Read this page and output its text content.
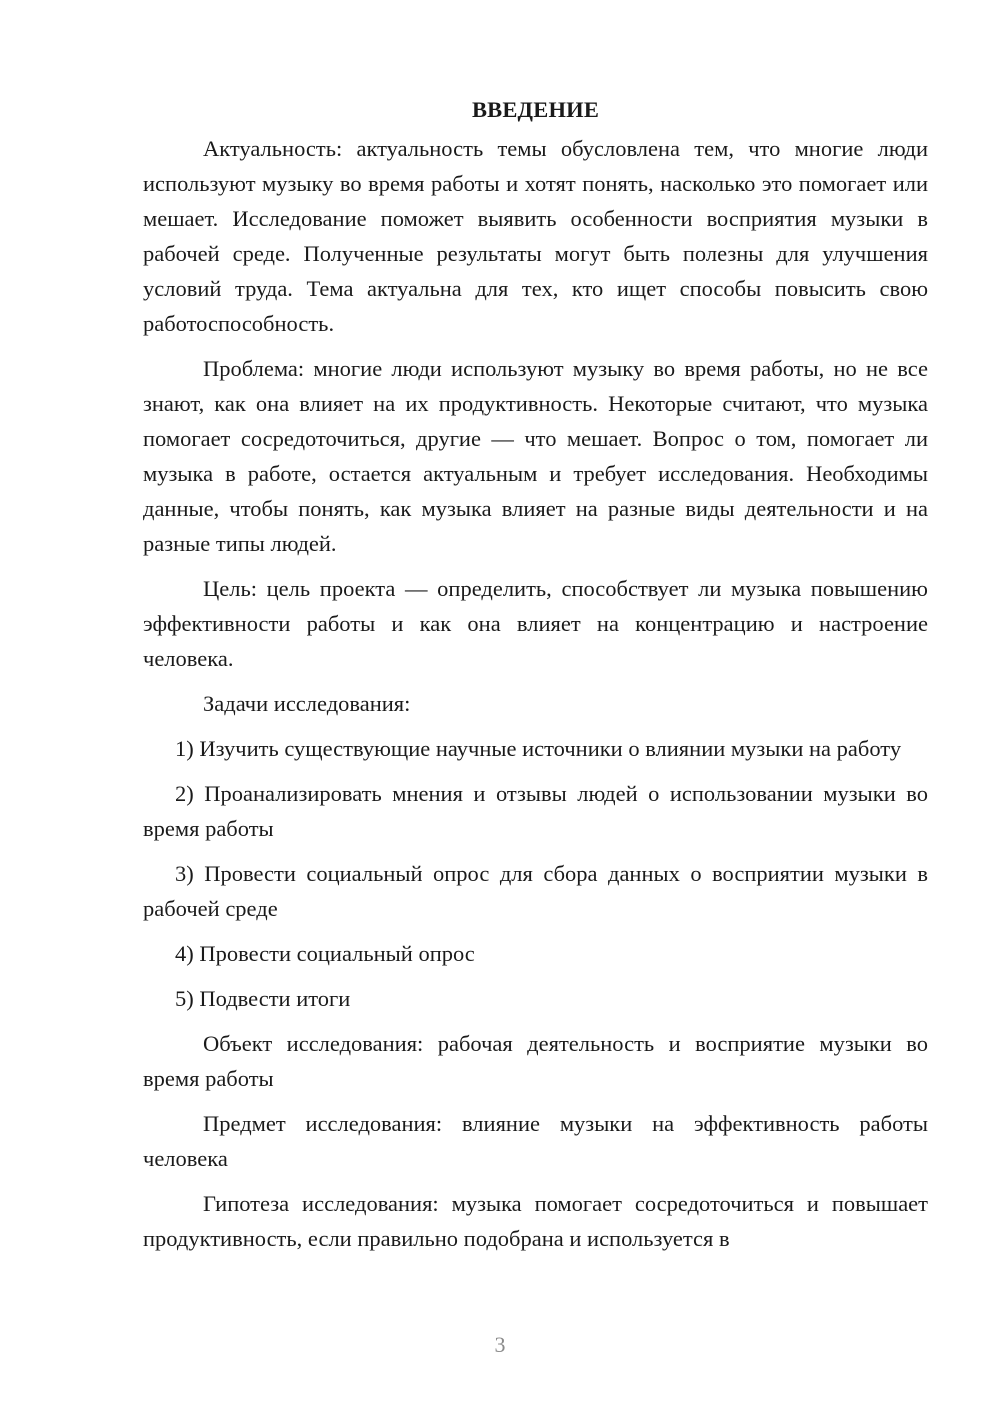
ВВЕДЕНИЕ
Актуальность: актуальность темы обусловлена тем, что многие люди используют музыку во время работы и хотят понять, насколько это помогает или мешает. Исследование поможет выявить особенности восприятия музыки в рабочей среде. Полученные результаты могут быть полезны для улучшения условий труда. Тема актуальна для тех, кто ищет способы повысить свою работоспособность.
Проблема: многие люди используют музыку во время работы, но не все знают, как она влияет на их продуктивность. Некоторые считают, что музыка помогает сосредоточиться, другие — что мешает. Вопрос о том, помогает ли музыка в работе, остается актуальным и требует исследования. Необходимы данные, чтобы понять, как музыка влияет на разные виды деятельности и на разные типы людей.
Цель: цель проекта — определить, способствует ли музыка повышению эффективности работы и как она влияет на концентрацию и настроение человека.
Задачи исследования:
1) Изучить существующие научные источники о влиянии музыки на работу
2) Проанализировать мнения и отзывы людей о использовании музыки во время работы
3) Провести социальный опрос для сбора данных о восприятии музыки в рабочей среде
4) Провести социальный опрос
5) Подвести итоги
Объект исследования: рабочая деятельность и восприятие музыки во время работы
Предмет исследования: влияние музыки на эффективность работы человека
Гипотеза исследования: музыка помогает сосредоточиться и повышает продуктивность, если правильно подобрана и используется в
3
